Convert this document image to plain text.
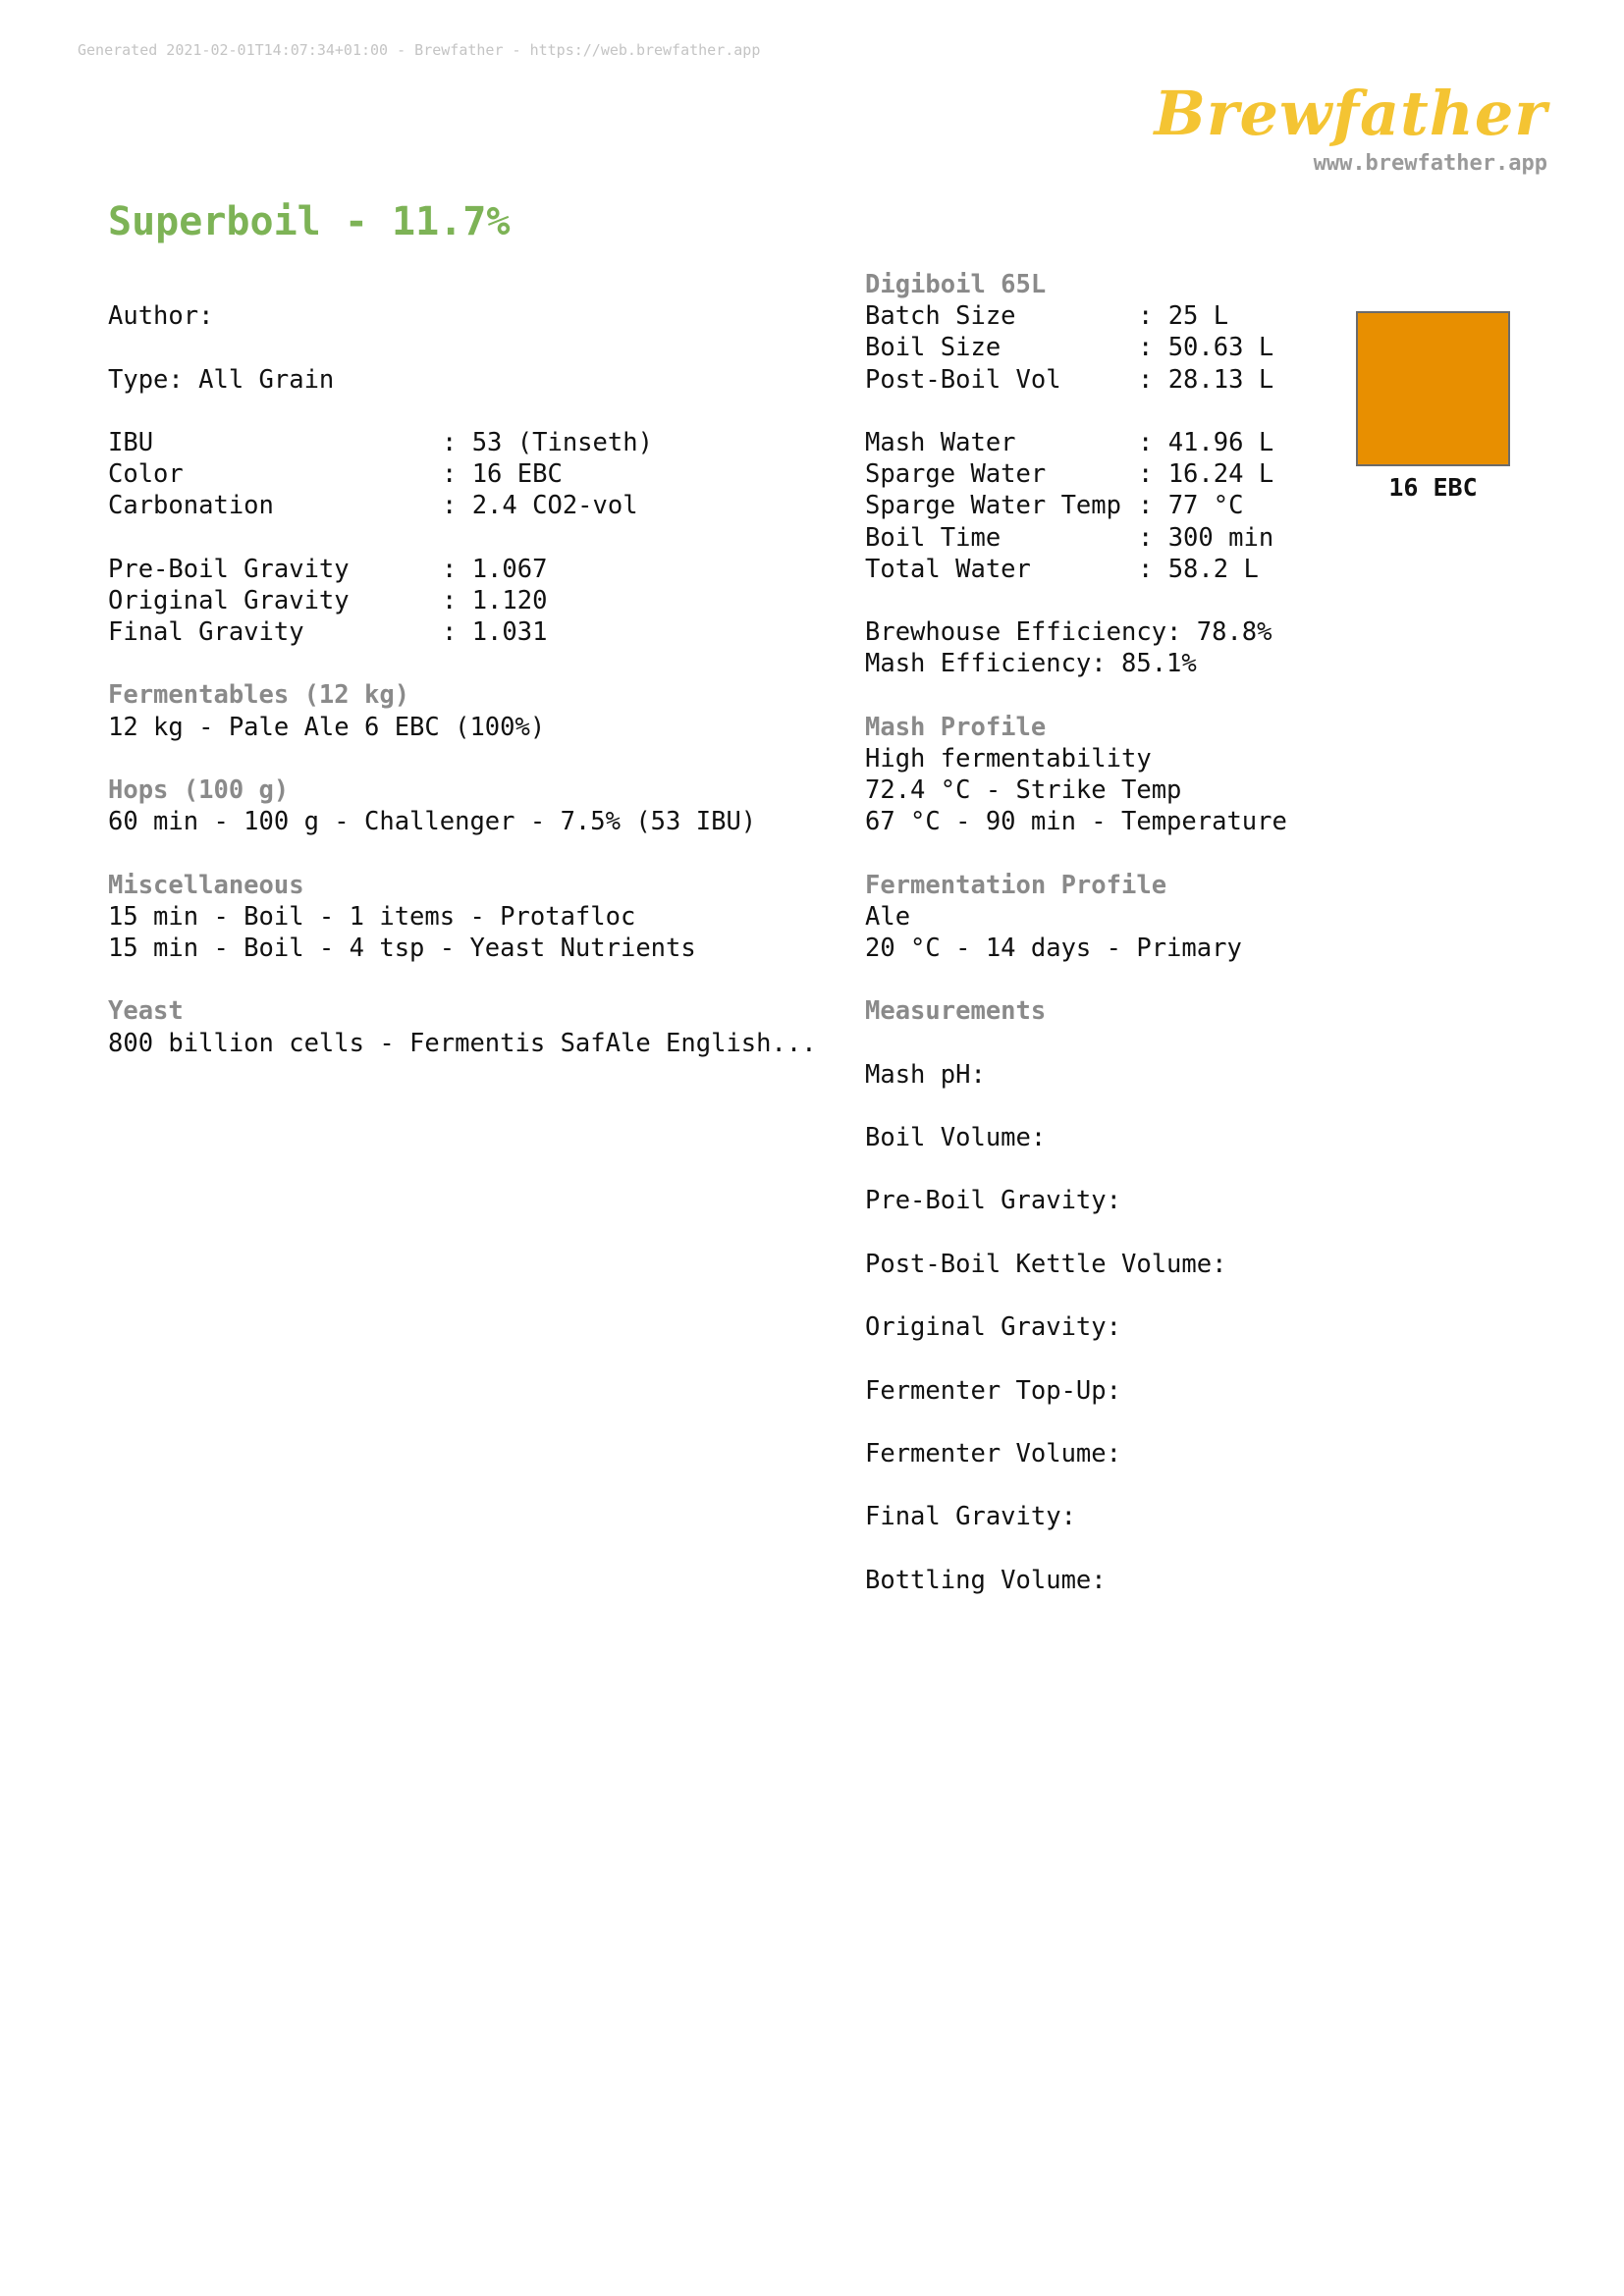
Generated 2021-02-01T14:07:34+01:00 - Brewfather - https://web.brewfather.app
Brewfather
www.brewfather.app
Superboil - 11.7%
Author:
Type: All Grain
IBU	: 53 (Tinseth)
Color	: 16 EBC
Carbonation	: 2.4 CO2-vol
Pre-Boil Gravity	: 1.067
Original Gravity	: 1.120
Final Gravity	: 1.031
Fermentables (12 kg)
12 kg - Pale Ale 6 EBC (100%)
Hops (100 g)
60 min - 100 g - Challenger - 7.5% (53 IBU)
Miscellaneous
15 min - Boil - 1 items - Protafloc
15 min - Boil - 4 tsp - Yeast Nutrients
Yeast
800 billion cells - Fermentis SafAle English...
Digiboil 65L
Batch Size	: 25 L
Boil Size	: 50.63 L
Post-Boil Vol	: 28.13 L
Mash Water	: 41.96 L
Sparge Water	: 16.24 L
Sparge Water Temp : 77 °C
Boil Time	: 300 min
Total Water	: 58.2 L
Brewhouse Efficiency: 78.8%
Mash Efficiency: 85.1%
Mash Profile
High fermentability
72.4 °C - Strike Temp
67 °C - 90 min - Temperature
Fermentation Profile
Ale
20 °C - 14 days - Primary
Measurements
Mash pH:
Boil Volume:
Pre-Boil Gravity:
Post-Boil Kettle Volume:
Original Gravity:
Fermenter Top-Up:
Fermenter Volume:
Final Gravity:
Bottling Volume:
16 EBC
